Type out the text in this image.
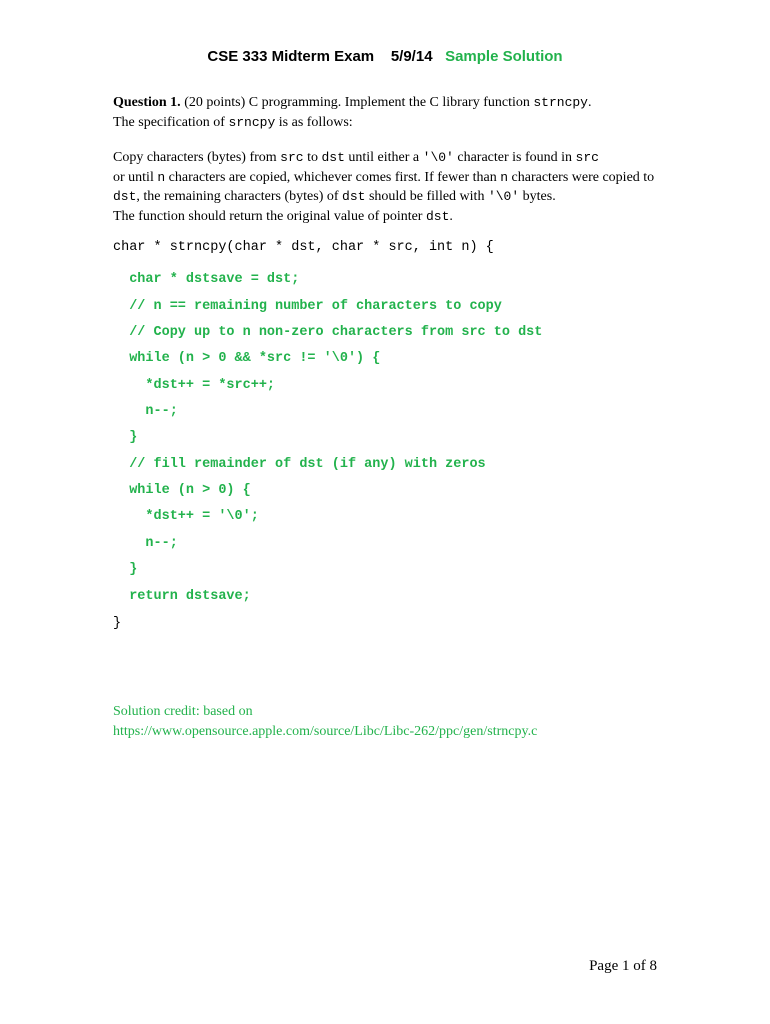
CSE 333 Midterm Exam 5/9/14 Sample Solution
Question 1. (20 points) C programming. Implement the C library function strncpy.
The specification of srncpy is as follows:
Copy characters (bytes) from src to dst until either a '\0' character is found in src
or until n characters are copied, whichever comes first. If fewer than n characters were copied to dst, the remaining characters (bytes) of dst should be filled with '\0' bytes.
The function should return the original value of pointer dst.
char * strncpy(char * dst, char * src, int n) {
char * dstsave = dst;
// n == remaining number of characters to copy
// Copy up to n non-zero characters from src to dst
while (n > 0 && *src != '\0') {
*dst++ = *src++;
n--;
}
// fill remainder of dst (if any) with zeros
while (n > 0) {
*dst++ = '\0';
n--;
}
return dstsave;
}
Solution credit: based on
https://www.opensource.apple.com/source/Libc/Libc-262/ppc/gen/strncpy.c
Page 1 of 8
